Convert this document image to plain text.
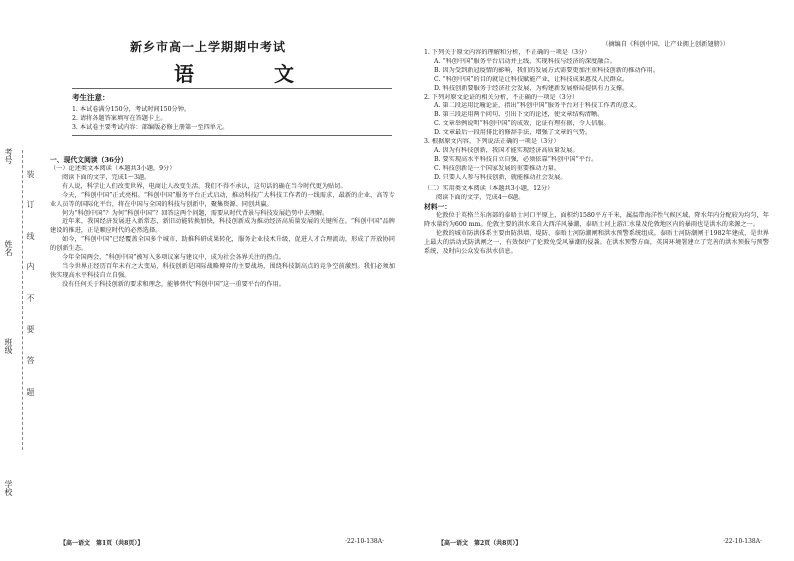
考号
姓名
班级
学校
装
订
线
内
不
要
答
题
新乡市高一上学期期中考试
语　文
考生注意：
1. 本试卷满分150分，考试时间150分钟。
2. 请将各题答案填写在答题卡上。
3. 本试卷主要考试内容：部编版必修上册第一至四单元。
一、现代文阅读（36分）
（一）论述类文本阅读（本题共3小题，9分）
阅读下面的文字，完成1～3题。

有人说，科学让人们改变世界，电商让人改变生活。我们不得不承认，这句话的确在当今时代更为贴切。

今天，“科创中国”正式亮相。“科创中国”服务平台正式启动，推动科技广大科技工作者的一线需求，最新的企业、高等专业人员等的国际化平台，将在中国与全国的科技与创新中，聚集资源、同创共赢。

何为“科创中国”？为何“科创中国”？回答这两个问题，需要从时代背景与科技发展趋势中去理解。

近年来，我国经济发展进入新常态，新旧动能转换加快，科技创新成为推动经济高质量发展的关键所在。“科创中国”品牌建设的推进，正是顺应时代的必然选择。

如今，“科创中国”已经覆盖全国多个城市，助推科研成果转化，服务企业技术升级，促进人才合理流动，形成了开放协同的创新生态。

今年全国两会，“科创中国”被写入多项议案与建议中，成为社会各界关注的热点。

当今世界正经历百年未有之大变局，科技创新是国际战略博弈的主要战场，围绕科技制高点的竞争空前激烈。我们必须加快实现高水平科技自立自强。

没有任何关于科技创新的要求和理念，能够替代“科创中国”这一重要平台的作用。

【高一语文　第1页（共8页）】	·22-10-138A·
（摘编自《科创中国，让产业拥上创新翅膀》）
1. 下列关于原文内容的理解和分析，不正确的一项是（3分）
A. “科创中国”服务平台启动并上线，实现科技与经济的深度融合。
B. 因为受到新冠疫情的影响，我们的发展方式需要更加注重科技创新的推动作用。
C. “科创中国”的目的就是让科技赋能产业，让科技成果惠及人民群众。
D. 科技创新要服务于经济社会发展，为构建新发展格局提供有力支撑。
2. 下列对原文论证的相关分析，不正确的一项是（3分）
A. 第二段运用比喻论证，指出“科创中国”服务平台对于科技工作者的意义。
B. 第三段运用两个问句，引出下文的论述，使文章结构清晰。
C. 文章举例说明“科创中国”的成效，论证有理有据，令人信服。
D. 文章最后一段用排比的修辞手法，增强了文章的气势。
3. 根据原文内容，下列说法正确的一项是（3分）
A. 因为有科技创新，我国才能实现经济高质量发展。
B. 要实现高水平科技自立自强，必须依靠“科创中国”平台。
C. 科技创新是一个国家发展的重要推动力量。
D. 只要人人参与科技创新，就能推动社会发展。
（二）实用类文本阅读（本题共3小题，12分）
阅读下面的文字，完成4～6题。
材料一：

伦敦位于英格兰东南部的泰晤士河口平原上，面积约1580平方千米，属温带海洋性气候区域，降水年内分配较为均匀，年降水量约为600 mm。伦敦主要的洪水来自大西洋风暴潮，泰晤士河上游汇水量及伦敦地区内的暴雨也是洪水的来源之一。

伦敦的城市防洪体系主要由防洪墙、堤防、泰晤士河防潮闸和洪水预警系统组成。泰晤士河防潮闸于1982年建成，是世界上最大的活动式防洪闸之一，有效保护了伦敦免受风暴潮的侵袭。在洪水预警方面，英国环境署建立了完善的洪水预报与预警系统，及时向公众发布洪水信息。

【高一语文　第2页（共8页）】	·22-10-138A·
